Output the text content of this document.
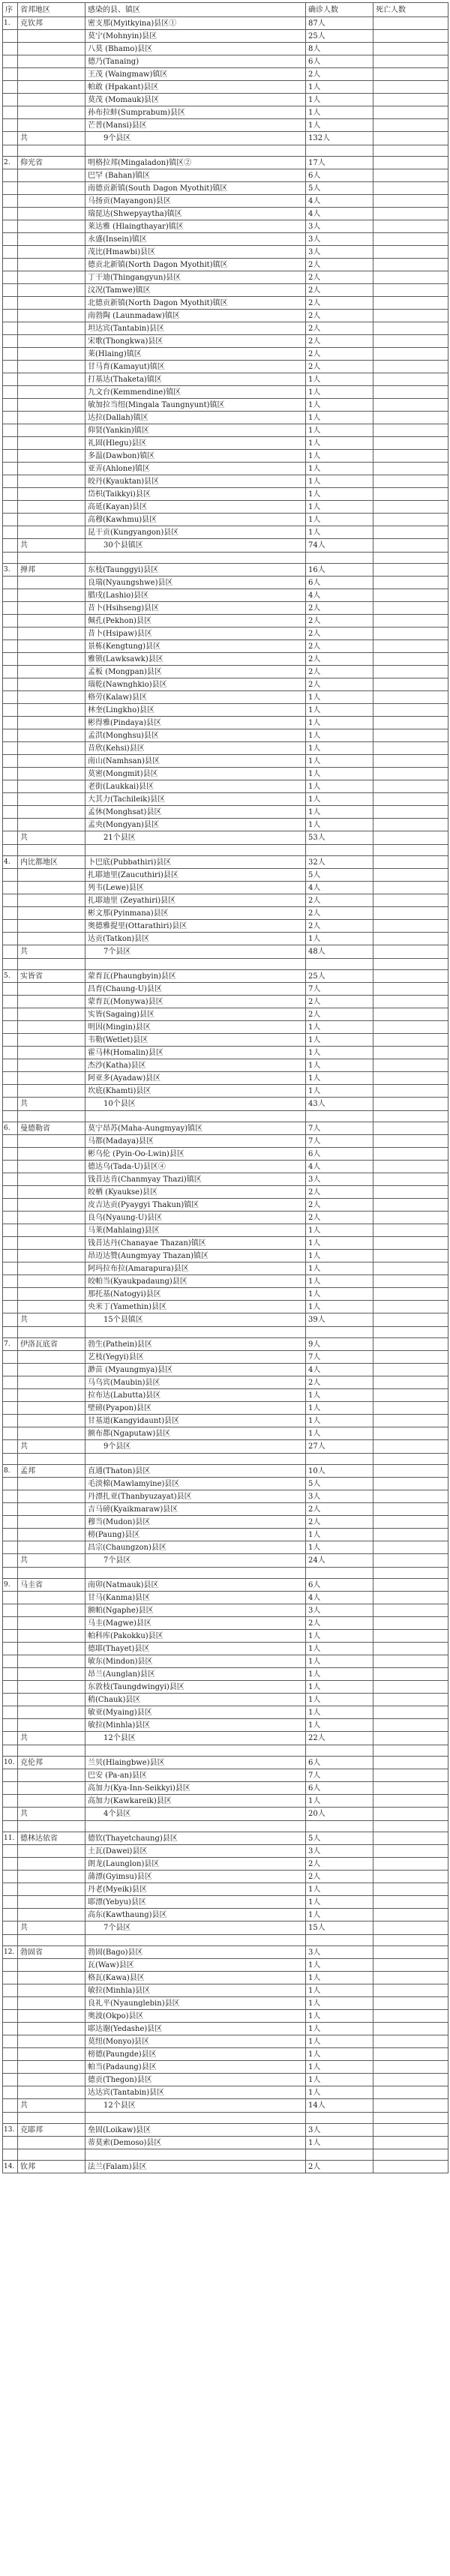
序	省邦地区	感染的县、镇区	确诊人数	死亡人数
1.	克钦邦	密支那(Myitkyina)县区①	87人	
		莫宁(Mohnyin)县区	25人	
		八莫 (Bhamo)县区	8人	
		德乃(Tanaing)	6人	
		王茂 (Waingmaw)镇区	2人	
		帕敢 (Hpakant)县区	1人	
		莫茂 (Momauk)县区	1人	
		孙布拉蚌(Sumprabum)县区	1人	
		芒普(Mansi)县区	1人	
	共	9个县区	132人	

2.	仰光省	明格拉邦(Mingaladon)镇区②	17人	
		巴罕 (Bahan)镇区	6人	
		南德贡新镇(South Dagon Myothit)镇区	5人	
		马扬贡(Mayangon)县区	4人	
		瑞琵达(Shwepyaytha)镇区	4人	
		莱达雅 (Hlaingthayar)镇区	3人	
		永盛(Insein)镇区	3人	
		茂比(Hmawbi)县区	3人	
		德贡北新镇(North Dagon Myothit)镇区	2人	
		丁干迪(Thingangyun)县区	2人	
		汶况(Tamwe)镇区	2人	
		北德贡新镇(North Dagon Myothit)镇区	2人	
		南勃陶 (Launmadaw)镇区	2人	
		坦达宾(Tantabin)县区	2人	
		宋歌(Thongkwa)县区	2人	
		莱(Hlaing)镇区	2人	
		甘马育(Kamayut)镇区	2人	
		打基达(Thaketa)镇区	1人	
		九文台(Kemmendine)镇区	1人	
		敏加拉当纽(Mingala Taungnyunt)镇区	1人	
		达拉(Dallah)镇区	1人	
		仰贤(Yankin)镇区	1人	
		礼固(Hlegu)县区	1人	
		多温(Dawbon)镇区	1人	
		亚弄(Ahlone)镇区	1人	
		皎丹(Kyauktan)县区	1人	
		岱枳(Taikkyi)县区	1人	
		高延(Kayan)县区	1人	
		高穆(Kawhmu)县区	1人	
		昆干贡(Kungyangon)县区	1人	
	共	30个县镇区	74人	

3.	掸邦	东枝(Taunggyi)县区	16人	
		良瑞(Nyaungshwe)县区	6人	
		腊戌(Lashio)县区	4人	
		昔卜(Hsihseng)县区	2人	
		佩孔(Pekhon)县区	2人	
		昔卜(Hsipaw)县区	2人	
		景栋(Kengtung)县区	2人	
		雅锁(Lawksawk)县区	2人	
		孟板 (Mongpan)县区	2人	
		瑙乾(Nawnghkio)县区	2人	
		格劳(Kalaw)县区	1人	
		林奎(Lingkho)县区	1人	
		彬得雅(Pindaya)县区	1人	
		孟洪(Monghsu)县区	1人	
		昔欣(Kehsi)县区	1人	
		南山(Namhsan)县区	1人	
		莫密(Mongmit)县区	1人	
		老街(Laukkai)县区	1人	
		大其力(Tachileik)县区	1人	
		孟休(Monghsat)县区	1人	
		孟央(Mongyan)县区	1人	
	共	21个县区	53人	

4.	内比都地区	卜巴底(Pubbathiri)县区	32人	
		扎耶迪里(Zaucuthiri)县区	5人	
		列韦(Lewe)县区	4人	
		扎耶迪里 (Zeyathiri)县区	2人	
		彬文那(Pyinmana)县区	2人	
		奥德雅提里(Ottarathiri)县区	2人	
		达贡(Tatkon)县区	1人	
	共	7个县区	48人	

5.	实皆省	蒙育瓦(Phaungbyin)县区	25人	
		昌育(Chaung-U)县区	7人	
		蒙育瓦(Monywa)县区	2人	
		实皆(Sagaing)县区	2人	
		明因(Mingin)县区	1人	
		韦勒(Wetlet)县区	1人	
		霍马林(Homalin)县区	1人	
		杰沙(Katha)县区	1人	
		阿亚多(Ayadaw)县区	1人	
		坎底(Khamti)县区	1人	
	共	10个县区	43人	

6.	曼德勒省	莫宁昂苏(Maha-Aungmyay)镇区	7人	
		马都(Madaya)县区	7人	
		彬乌伦 (Pyin-Oo-Lwin)县区	6人	
		德达乌(Tada-U)县区④	4人	
		钱昔达肯(Chanmyay Thazi)镇区	3人	
		皎栖 (Kyaukse)县区	2人	
		皮吉达贡(Pyaygyi Thakun)镇区	2人	
		良乌(Nyaung-U)县区	2人	
		马莱(Mahlaing)县区	1人	
		钱昔达丹(Chanayae Thazan)镇区	1人	
		昂迈达赞(Aungmyay Thazan)镇区	1人	
		阿玛拉布拉(Amarapura)县区	1人	
		皎帕当(Kyaukpadaung)县区	1人	
		那托基(Natogyi)县区	1人	
		央米丁(Yamethin)县区	1人	
	共	15个县镇区	39人	

7.	伊洛瓦底省	勃生(Pathein)县区	9人	
		艺枝(Yegyi)县区	7人	
		渺苗 (Myaungmya)县区	4人	
		马乌宾(Maubin)县区	2人	
		拉布达(Labutta)县区	1人	
		壁磅(Pyapon)县区	1人	
		甘基道(Kangyidaunt)县区	1人	
		额布都(Ngaputaw)县区	1人	
	共	9个县区	27人	

8.	孟邦	直通(Thaton)县区	10人	
		毛淡棉(Mawlamyine)县区	5人	
		丹漂扎亚(Thanbyuzayat)县区	3人	
		吉马磅(Kyaikmaraw)县区	2人	
		穆当(Mudon)县区	2人	
		榜(Paung)县区	1人	
		昌宗(Chaungzon)县区	1人	
	共	7个县区	24人	

9.	马圭省	南卯(Natmauk)县区	6人	
		甘马(Kanma)县区	4人	
		额帕(Ngaphe)县区	3人	
		马圭(Magwe)县区	2人	
		帕科库(Pakokku)县区	1人	
		德耶(Thayet)县区	1人	
		敏东(Mindon)县区	1人	
		昂兰(Aunglan)县区	1人	
		东敦枝(Taungdwingyi)县区	1人	
		稍(Chauk)县区	1人	
		敏亚(Myaing)县区	1人	
		敏拉(Minhla)县区	1人	
	共	12个县区	22人	

10.	克伦邦	兰贝(Hlaingbwe)县区	6人	
		巴安 (Pa-an)县区	7人	
		高加力(Kya-Inn-Seikkyi)县区	6人	
		高加力(Kawkareik)县区	1人	
	共	4个县区	20人	

11.	德林达依省	德钦(Thayetchaung)县区	5人	
		土瓦(Dawei)县区	3人	
		朗龙(Launglon)县区	2人	
		蒲漂(Gyimsu)县区	2人	
		丹老(Myeik)县区	1人	
		耶漂(Yebyu)县区	1人	
		高东(Kawthaung)县区	1人	
	共	7个县区	15人	

12.	勃固省	勃固(Bago)县区	3人	
		瓦(Waw)县区	1人	
		格瓦(Kawa)县区	1人	
		敏拉(Minhla)县区	1人	
		良礼平(Nyaunglebin)县区	1人	
		奥波(Okpo)县区	1人	
		耶达谢(Yedashe)县区	1人	
		莫纽(Monyo)县区	1人	
		榜德(Paungde)县区	1人	
		帕当(Padaung)县区	1人	
		德贡(Thegon)县区	1人	
		达达宾(Tantabin)县区	1人	
	共	12个县区	14人	

13.	克耶邦	垒固(Loikaw)县区	3人	
		蒂莫索(Demoso)县区	1人	

14.	钦邦	法兰(Falam)县区	2人	
